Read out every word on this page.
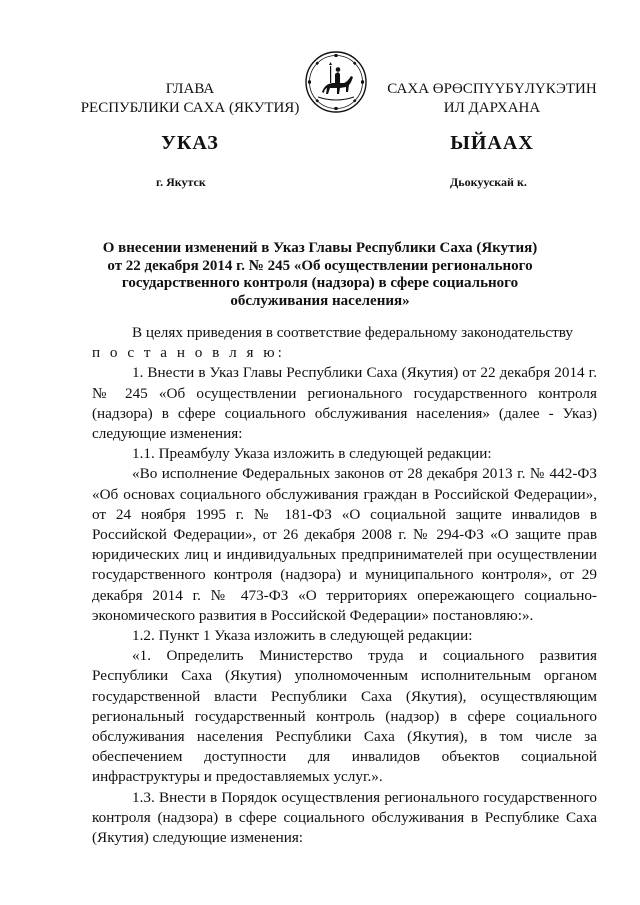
ГЛАВА
РЕСПУБЛИКИ САХА (ЯКУТИЯ)
САХА ӨРӨСПҮҮБҮЛҮКЭТИН
ИЛ ДАРХАНА
УКАЗ	ЫЙААХ
г. Якутск	Дьокуускай к.
О внесении изменений в Указ Главы Республики Саха (Якутия)
от 22 декабря 2014 г. № 245 «Об осуществлении регионального
государственного контроля (надзора) в сфере социального
обслуживания населения»

В целях приведения в соответствие федеральному законодательству

п о с т а н о в л я ю:

1. Внести в Указ Главы Республики Саха (Якутия) от 22 декабря 2014 г. № 245 «Об осуществлении регионального государственного контроля (надзора) в сфере социального обслуживания населения» (далее - Указ) следующие изменения:

1.1. Преамбулу Указа изложить в следующей редакции:

«Во исполнение Федеральных законов от 28 декабря 2013 г. № 442-ФЗ «Об основах социального обслуживания граждан в Российской Федерации», от 24 ноября 1995 г. № 181-ФЗ «О социальной защите инвалидов в Российской Федерации», от 26 декабря 2008 г. № 294-ФЗ «О защите прав юридических лиц и индивидуальных предпринимателей при осуществлении государственного контроля (надзора) и муниципального контроля», от 29 декабря 2014 г. № 473-ФЗ «О территориях опережающего социально-экономического развития в Российской Федерации» постановляю:».

1.2. Пункт 1 Указа изложить в следующей редакции:

«1. Определить Министерство труда и социального развития Республики Саха (Якутия) уполномоченным исполнительным органом государственной власти Республики Саха (Якутия), осуществляющим региональный государственный контроль (надзор) в сфере социального обслуживания населения Республики Саха (Якутия), в том числе за обеспечением доступности для инвалидов объектов социальной инфраструктуры и предоставляемых услуг.».

1.3. Внести в Порядок осуществления регионального государственного контроля (надзора) в сфере социального обслуживания в Республике Саха (Якутия) следующие изменения:
